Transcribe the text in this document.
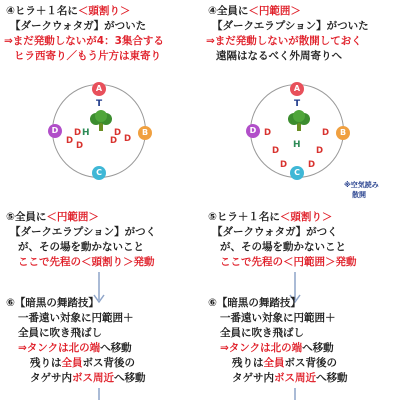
④ヒラ＋１名に＜頭割り＞
【ダークウォタガ】がついた
⇒まだ発動しないが4：3集合する
ヒラ西寄り／もう片方は東寄り
A
B
C
D
T
D H
D D
D
D
D
⑤全員に＜円範囲＞
【ダークエラプション】がつく
が、その場を動かないこと
ここで先程の＜頭割り＞発動
⑥【暗黒の舞踏技】
一番遠い対象に円範囲＋
全員に吹き飛ばし
⇒タンクは北の端へ移動
残りは全員ボス背後の
タゲサ内ボス周近へ移動
④全員に＜円範囲＞
【ダークエラプション】がついた
⇒まだ発動しないが散開しておく
遠隔はなるべく外周寄りへ
A
B
C
D
T
D	D
H
D	D
D D
※空気読み
散開
⑤ヒラ＋１名に＜頭割り＞
【ダークウォタガ】がつく
が、その場を動かないこと
ここで先程の＜円範囲＞発動
⑥【暗黒の舞踏技】
一番遠い対象に円範囲＋
全員に吹き飛ばし
⇒タンクは北の端へ移動
残りは全員ボス背後の
タゲサ内ボス周近へ移動
